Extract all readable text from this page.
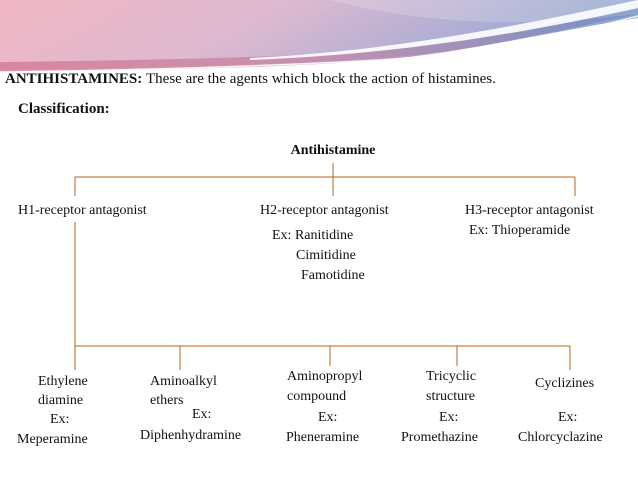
ANTIHISTAMINES: These are the agents which block the action of histamines.
Classification:
Antihistamine
H1-receptor antagonist	H2-receptor antagonist	H3-receptor antagonist
Ex: Ranitidine
Cimitidine
Famotidine
Ex: Thioperamide
Ethylene
diamine
Ex:
Meperamine
Aminoalkyl
ethers
Ex:
Diphenhydramine
Aminopropyl
compound
Ex:
Pheneramine
Tricyclic
structure
Ex:
Promethazine
Cyclizines
Ex:
Chlorcyclazine
